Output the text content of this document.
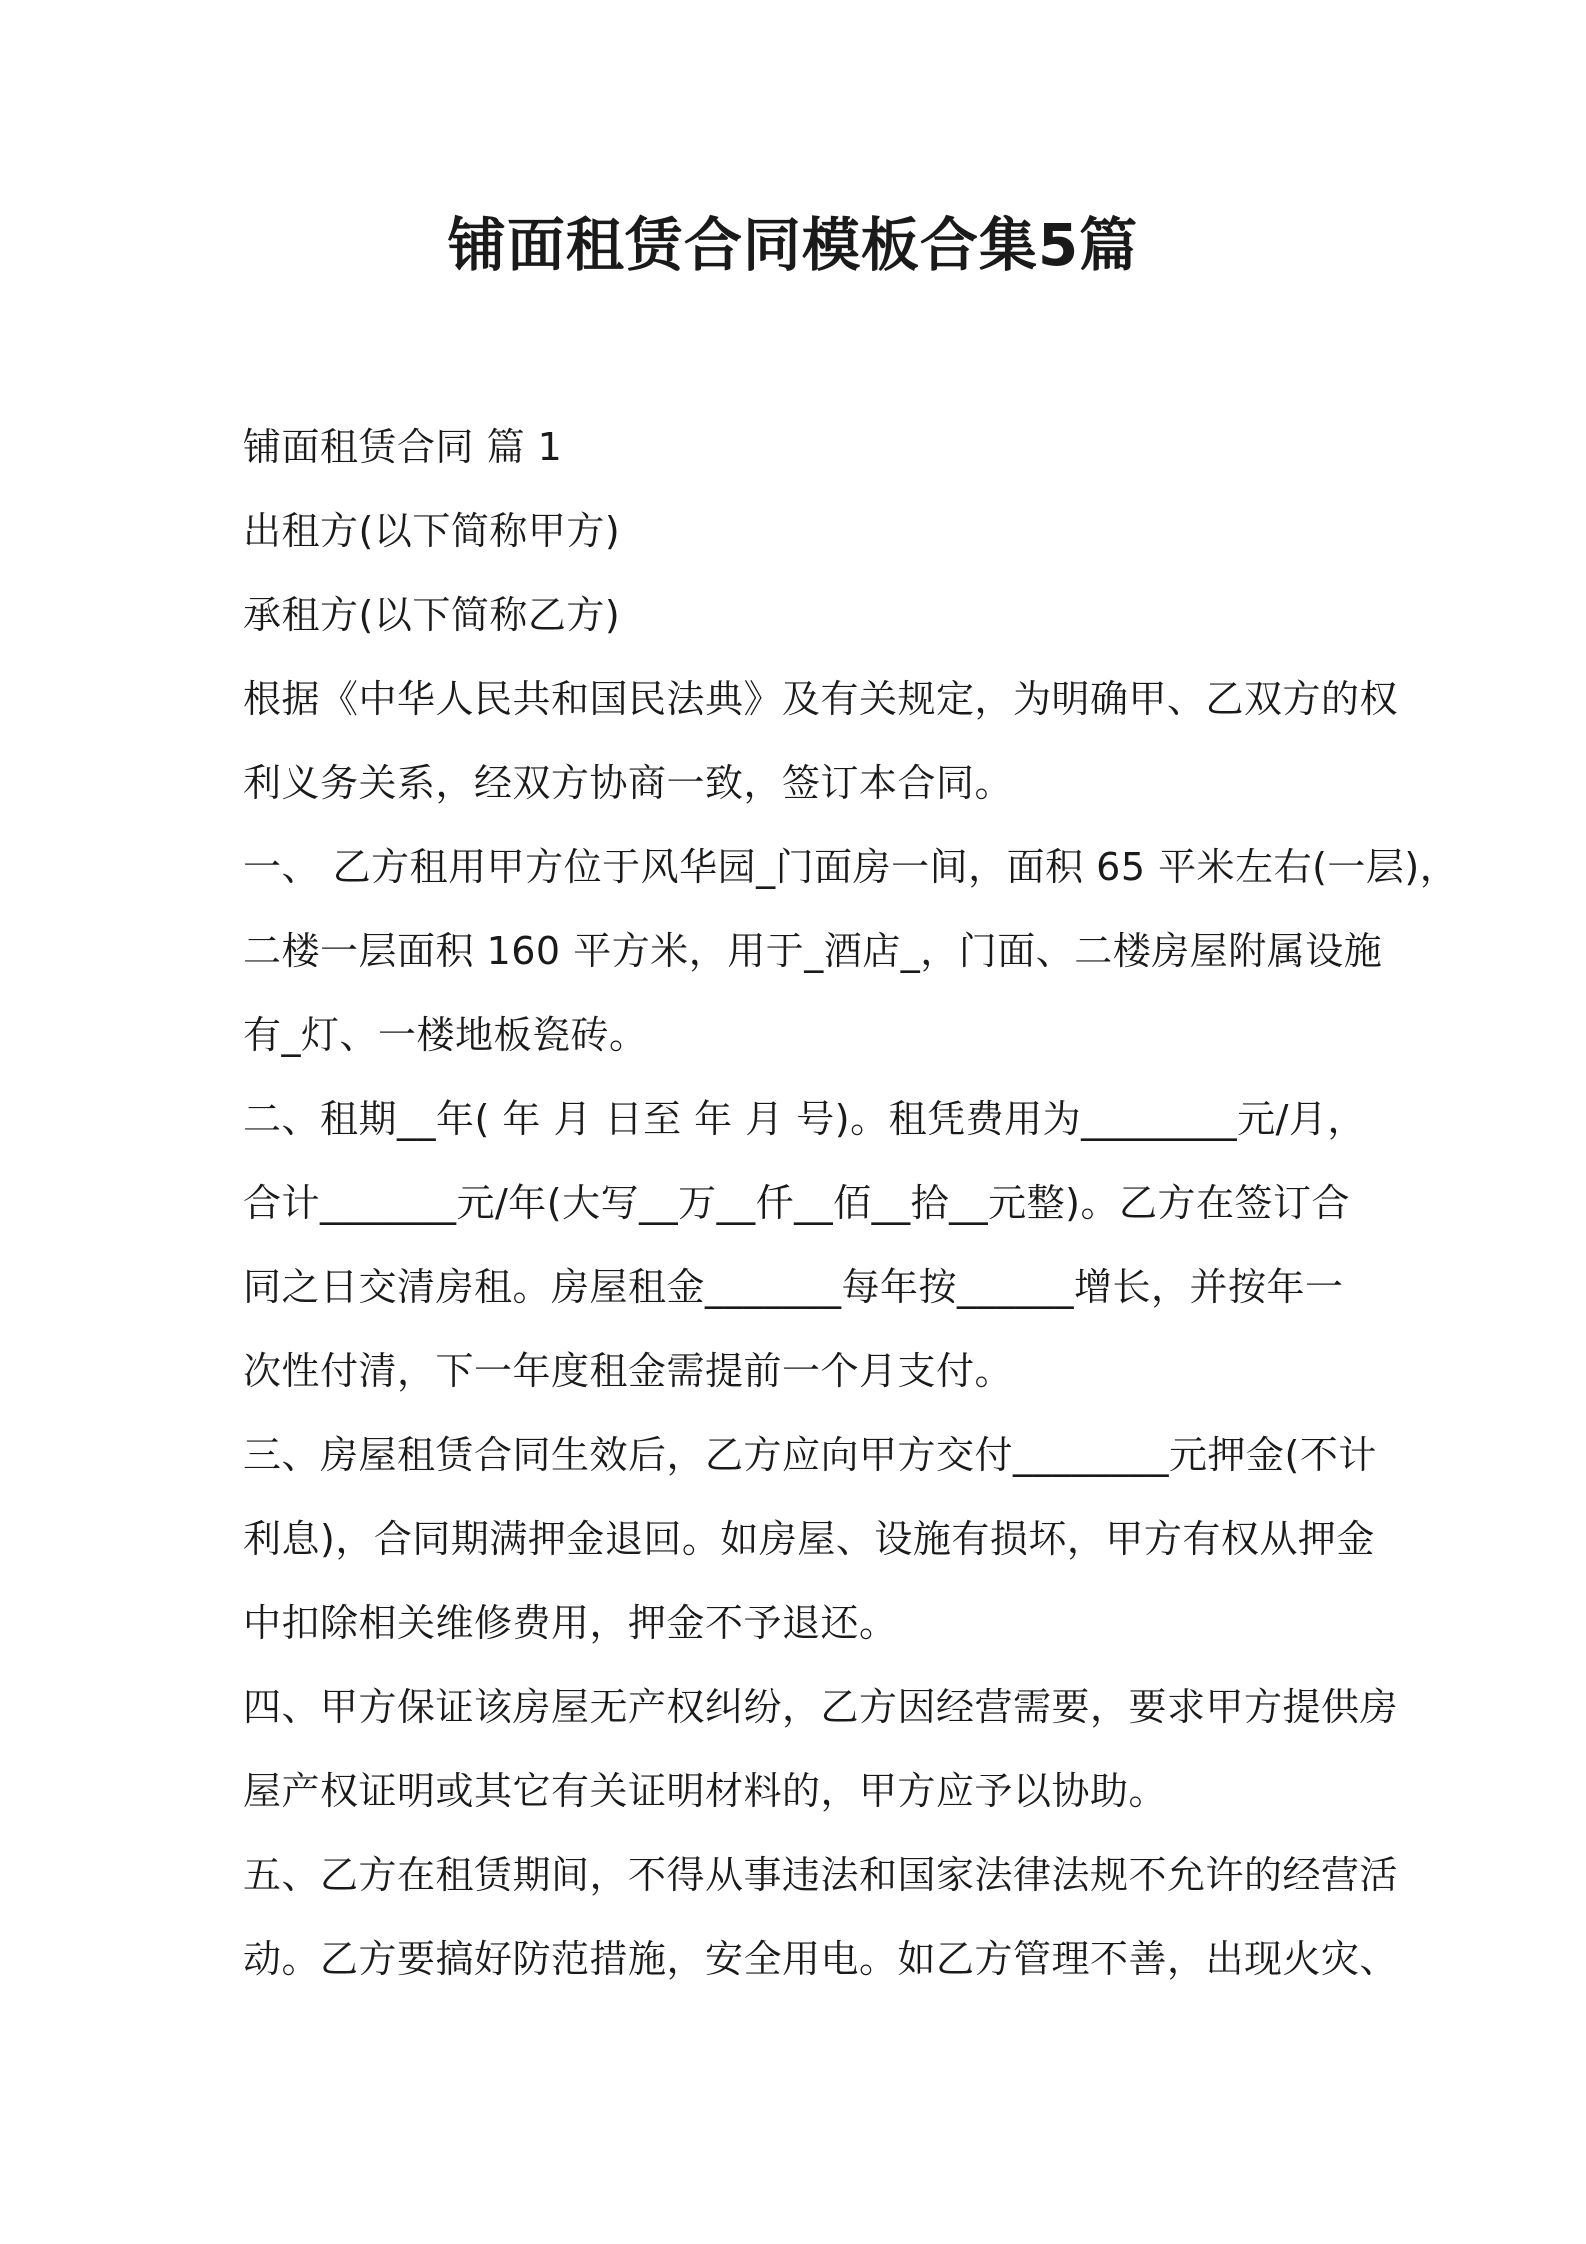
铺面租赁合同模板合集5篇
铺面租赁合同 篇 1
出租方(以下简称甲方)
承租方(以下简称乙方)
根据《中华人民共和国民法典》及有关规定，为明确甲、乙双方的权
利义务关系，经双方协商一致，签订本合同。
一、 乙方租用甲方位于风华园_门面房一间，面积 65 平米左右(一层)，
二楼一层面积 160 平方米，用于_酒店_，门面、二楼房屋附属设施
有_灯、一楼地板瓷砖。
二、租期__年( 年 月 日至 年 月 号)。租凭费用为________元/月，
合计_______元/年(大写__万__仟__佰__拾__元整)。乙方在签订合
同之日交清房租。房屋租金_______每年按______增长，并按年一
次性付清，下一年度租金需提前一个月支付。
三、房屋租赁合同生效后，乙方应向甲方交付________元押金(不计
利息)，合同期满押金退回。如房屋、设施有损坏，甲方有权从押金
中扣除相关维修费用，押金不予退还。
四、甲方保证该房屋无产权纠纷，乙方因经营需要，要求甲方提供房
屋产权证明或其它有关证明材料的，甲方应予以协助。
五、乙方在租赁期间，不得从事违法和国家法律法规不允许的经营活
动。乙方要搞好防范措施，安全用电。如乙方管理不善，出现火灾、
